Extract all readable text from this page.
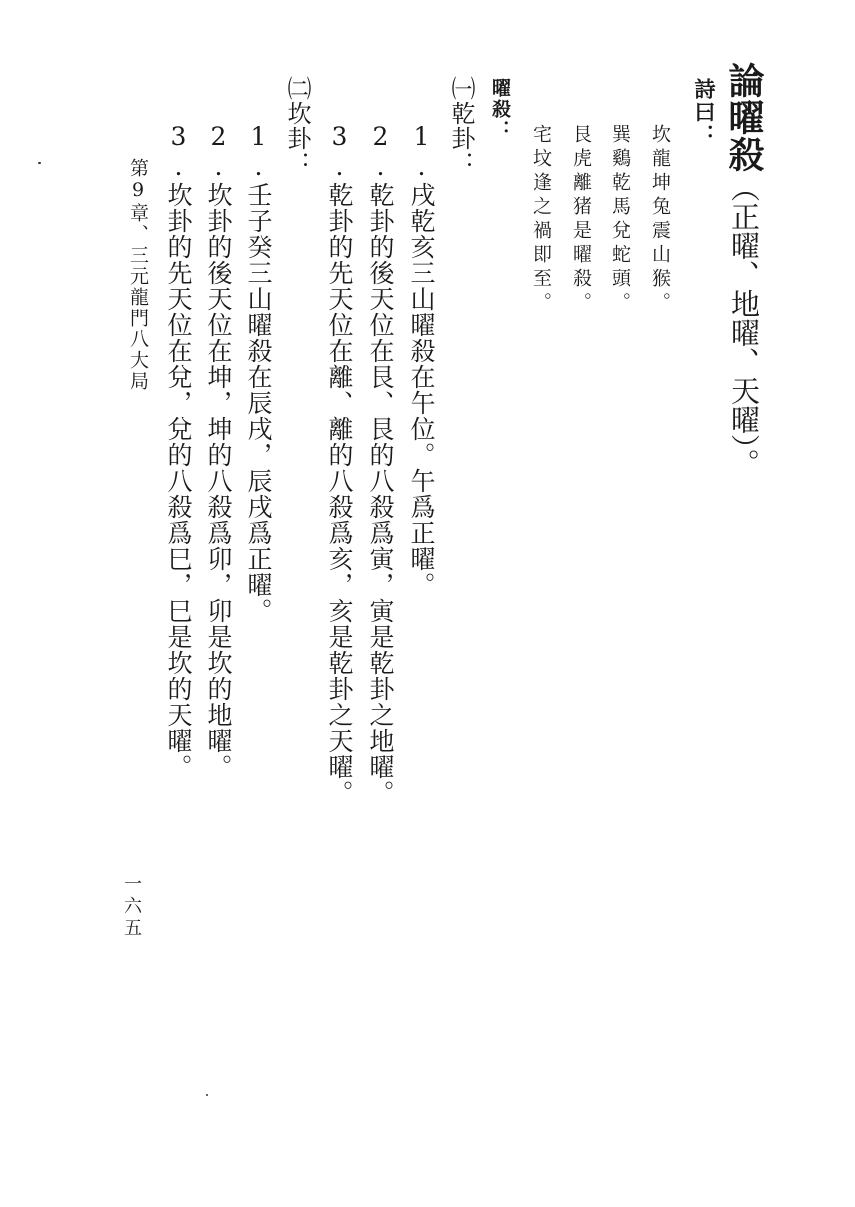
論曜殺（正曜、地曜、天曜）。
詩曰：
坎龍坤兔震山猴。
巽鷄乾馬兌蛇頭。
艮虎離猪是曜殺。
宅坟逢之禍即至。
曜殺：
㈠乾卦：
1.戌乾亥三山曜殺在午位。午爲正曜。
2.乾卦的後天位在艮、艮的八殺爲寅，寅是乾卦之地曜。
3.乾卦的先天位在離、離的八殺爲亥，亥是乾卦之天曜。
㈡坎卦：
1.壬子癸三山曜殺在辰戌，辰戌爲正曜。
2.坎卦的後天位在坤，坤的八殺爲卯，卯是坎的地曜。
3.坎卦的先天位在兌，兌的八殺爲巳，巳是坎的天曜。
第9章、三元龍門八大局
一六五
